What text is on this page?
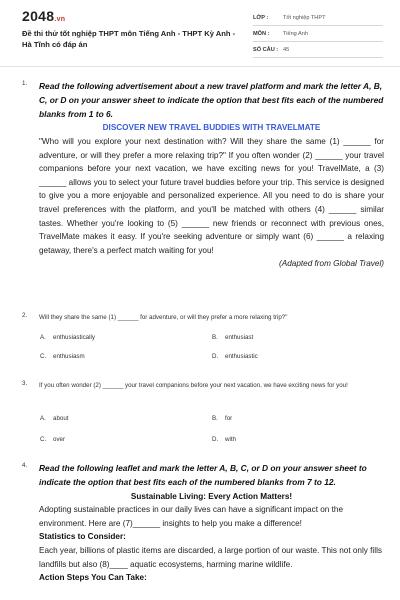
2048.vn
Đề thi thử tốt nghiệp THPT môn Tiếng Anh - THPT Kỳ Anh - Hà Tĩnh có đáp án
LỚP :	Tốt nghiệp THPT
MÔN :	Tiếng Anh
SỐ CÂU : 45
1. Read the following advertisement about a new travel platform and mark the letter A, B, C, or D on your answer sheet to indicate the option that best fits each of the numbered blanks from 1 to 6.
DISCOVER NEW TRAVEL BUDDIES WITH TRAVELMATE
"Who will you explore your next destination with? Will they share the same (1) ______ for adventure, or will they prefer a more relaxing trip?" If you often wonder (2) ______ your travel companions before your next vacation, we have exciting news for you! TravelMate, a (3) ______ allows you to select your future travel buddies before your trip. This service is designed to give you a more enjoyable and personalized experience. All you need to do is share your travel preferences with the platform, and you'll be matched with others (4) ______ similar tastes. Whether you're looking to (5) ______ new friends or reconnect with previous ones, TravelMate makes it easy. If you're seeking adventure or simply want (6) ______ a relaxing getaway, there's a perfect match waiting for you!
(Adapted from Global Travel)
2. Will they share the same (1) ______ for adventure, or will they prefer a more relaxing trip?"
A. enthusiastically	B. enthusiast
C. enthusiasm	D. enthusiastic
3. If you often wonder (2) ______ your travel companions before your next vacation, we have exciting news for you!
A. about	B. for
C. over	D. with
4. Read the following leaflet and mark the letter A, B, C, or D on your answer sheet to indicate the option that best fits each of the numbered blanks from 7 to 12.
Sustainable Living: Every Action Matters!
Adopting sustainable practices in our daily lives can have a significant impact on the environment. Here are (7)______ insights to help you make a difference!
Statistics to Consider:
Each year, billions of plastic items are discarded, a large portion of our waste. This not only fills landfills but also (8)____ aquatic ecosystems, harming marine wildlife.
Action Steps You Can Take:
